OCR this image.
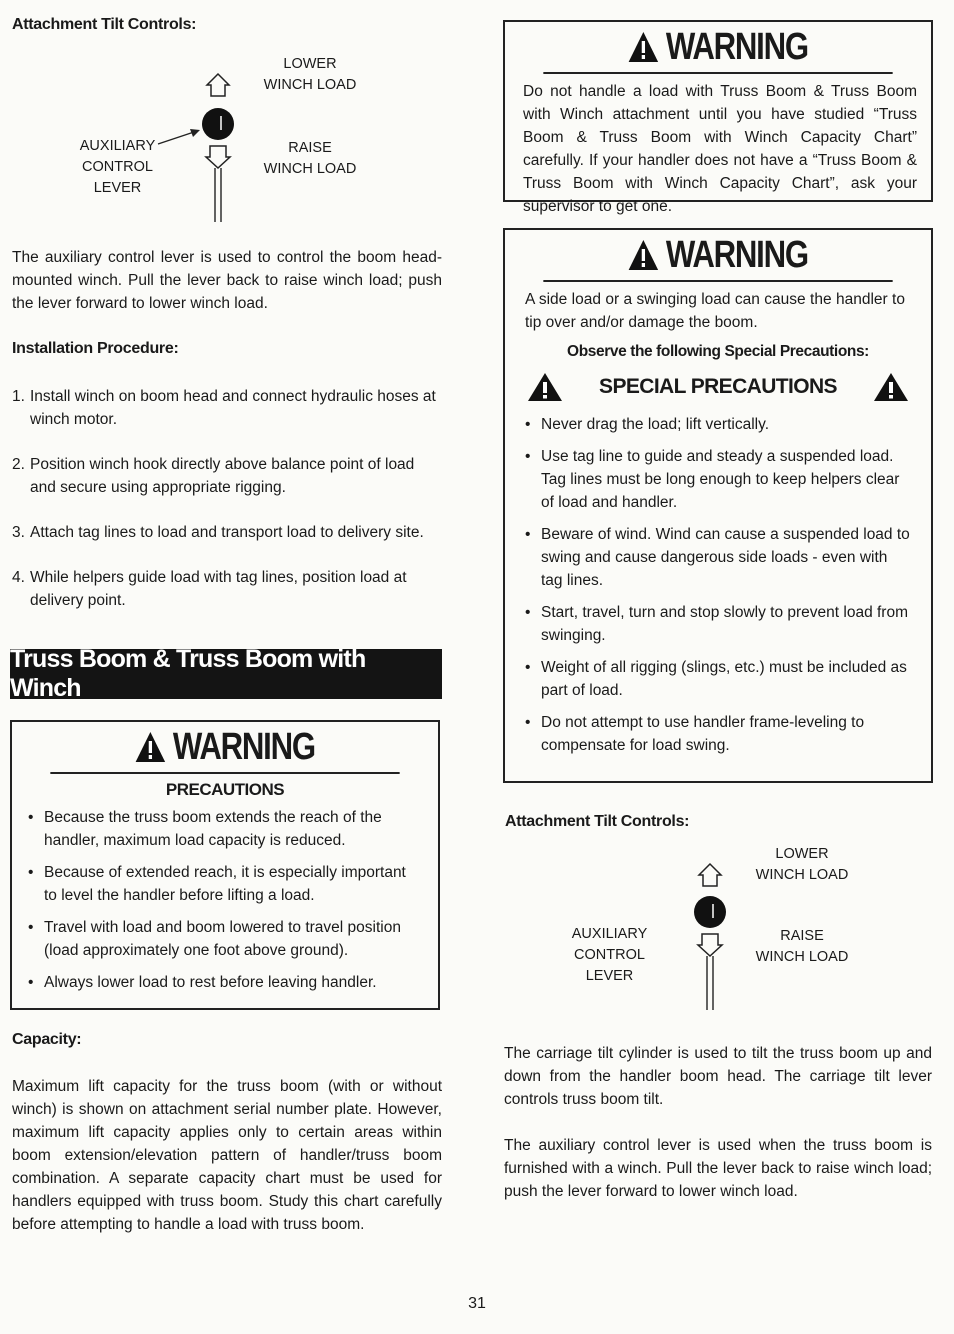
Attachment Tilt Controls:
LOWER
WINCH LOAD
RAISE
WINCH LOAD
AUXILIARY
CONTROL LEVER
The auxiliary control lever is used to control the boom head-mounted winch. Pull the lever back to raise winch load; push the lever forward to lower winch load.
Installation Procedure:
1. Install winch on boom head and connect hydraulic hoses at winch motor.
2. Position winch hook directly above balance point of load and secure using appropriate rigging.
3. Attach tag lines to load and transport load to delivery site.
4. While helpers guide load with tag lines, position load at delivery point.
Truss Boom & Truss Boom with Winch
WARNING
PRECAUTIONS
• Because the truss boom extends the reach of the handler, maximum load capacity is reduced.
• Because of extended reach, it is especially important to level the handler before lifting a load.
• Travel with load and boom lowered to travel position (load approximately one foot above ground).
• Always lower load to rest before leaving handler.
Capacity:
Maximum lift capacity for the truss boom (with or without winch) is shown on attachment serial number plate. However, maximum lift capacity applies only to certain areas within boom extension/elevation pattern of handler/truss boom combination. A separate capacity chart must be used for handlers equipped with truss boom. Study this chart carefully before attempting to handle a load with truss boom.
WARNING
Do not handle a load with Truss Boom & Truss Boom with Winch attachment until you have studied “Truss Boom & Truss Boom with Winch Capacity Chart” carefully. If your handler does not have a “Truss Boom & Truss Boom with Winch Capacity Chart”, ask your supervisor to get one.
WARNING
A side load or a swinging load can cause the handler to tip over and/or damage the boom.
Observe the following Special Precautions:
SPECIAL PRECAUTIONS
• Never drag the load; lift vertically.
• Use tag line to guide and steady a suspended load. Tag lines must be long enough to keep helpers clear of load and handler.
• Beware of wind. Wind can cause a suspended load to swing and cause dangerous side loads - even with tag lines.
• Start, travel, turn and stop slowly to prevent load from swinging.
• Weight of all rigging (slings, etc.) must be included as part of load.
• Do not attempt to use handler frame-leveling to compensate for load swing.
Attachment Tilt Controls:
LOWER
WINCH LOAD
RAISE
WINCH LOAD
AUXILIARY
CONTROL LEVER
The carriage tilt cylinder is used to tilt the truss boom up and down from the handler boom head. The carriage tilt lever controls truss boom tilt.
The auxiliary control lever is used when the truss boom is furnished with a winch. Pull the lever back to raise winch load; push the lever forward to lower winch load.
31
